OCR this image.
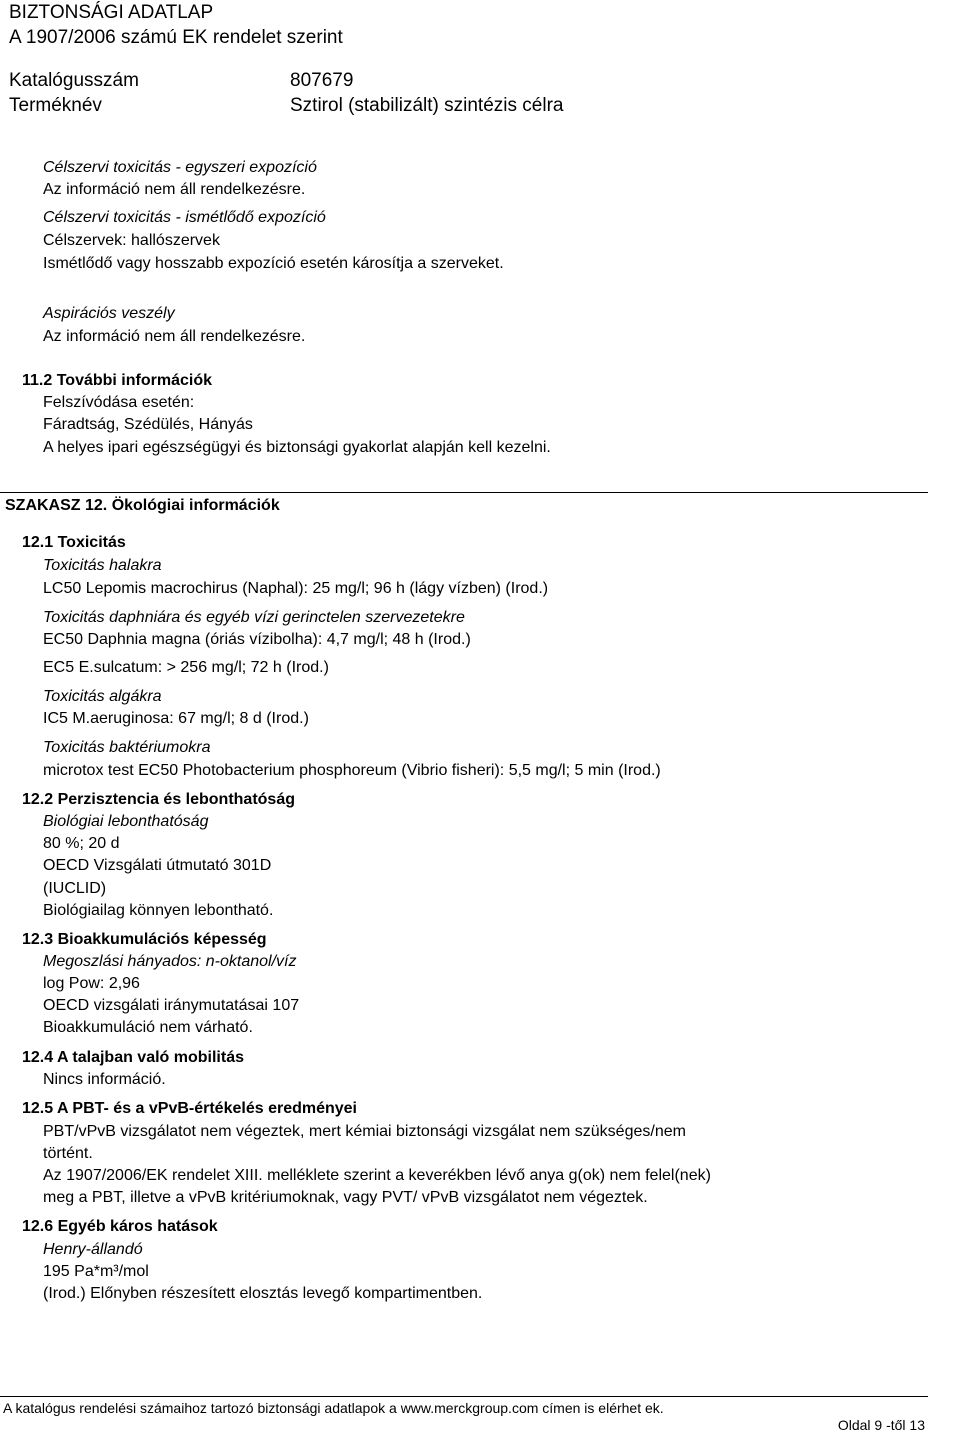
BIZTONSÁGI ADATLAP
A 1907/2006 számú EK rendelet szerint
Katalógusszám	807679
Terméknév	Sztirol (stabilizált) szintézis célra
Célszervi toxicitás - egyszeri expozíció
Az információ nem áll rendelkezésre.
Célszervi toxicitás - ismétlődő expozíció
Célszervek: hallószervek
Ismétlődő vagy hosszabb expozíció esetén károsítja a szerveket.
Aspirációs veszély
Az információ nem áll rendelkezésre.
11.2 További információk
Felszívódása esetén:
Fáradtság, Szédülés, Hányás
A helyes ipari egészségügyi és biztonsági gyakorlat alapján kell kezelni.
SZAKASZ 12. Ökológiai információk
12.1 Toxicitás
Toxicitás halakra
LC50 Lepomis macrochirus (Naphal): 25 mg/l; 96 h (lágy vízben) (Irod.)
Toxicitás daphniára és egyéb vízi gerinctelen szervezetekre
EC50 Daphnia magna (óriás vízibolha): 4,7 mg/l; 48 h (Irod.)
EC5 E.sulcatum: > 256 mg/l; 72 h (Irod.)
Toxicitás algákra
IC5 M.aeruginosa: 67 mg/l; 8 d (Irod.)
Toxicitás baktériumokra
microtox test EC50 Photobacterium phosphoreum (Vibrio fisheri): 5,5 mg/l; 5 min (Irod.)
12.2 Perzisztencia és lebonthatóság
Biológiai lebonthatóság
80 %; 20 d
OECD Vizsgálati útmutató 301D
(IUCLID)
Biológiailag könnyen lebontható.
12.3 Bioakkumulációs képesség
Megoszlási hányados: n-oktanol/víz
log Pow: 2,96
OECD vizsgálati iránymutatásai 107
Bioakkumuláció nem várható.
12.4 A talajban való mobilitás
Nincs információ.
12.5 A PBT- és a vPvB-értékelés eredményei
PBT/vPvB vizsgálatot nem végeztek, mert kémiai biztonsági vizsgálat nem szükséges/nem
történt.
Az 1907/2006/EK rendelet XIII. melléklete szerint a keverékben lévő anya g(ok) nem felel(nek)
meg a PBT, illetve a vPvB kritériumoknak, vagy PVT/ vPvB vizsgálatot nem végeztek.
12.6 Egyéb káros hatások
Henry-állandó
195 Pa*m³/mol
(Irod.) Előnyben részesített elosztás levegő kompartimentben.
A katalógus rendelési számaihoz tartozó biztonsági adatlapok a www.merckgroup.com címen is elérhet ek.
Oldal 9 -től 13
